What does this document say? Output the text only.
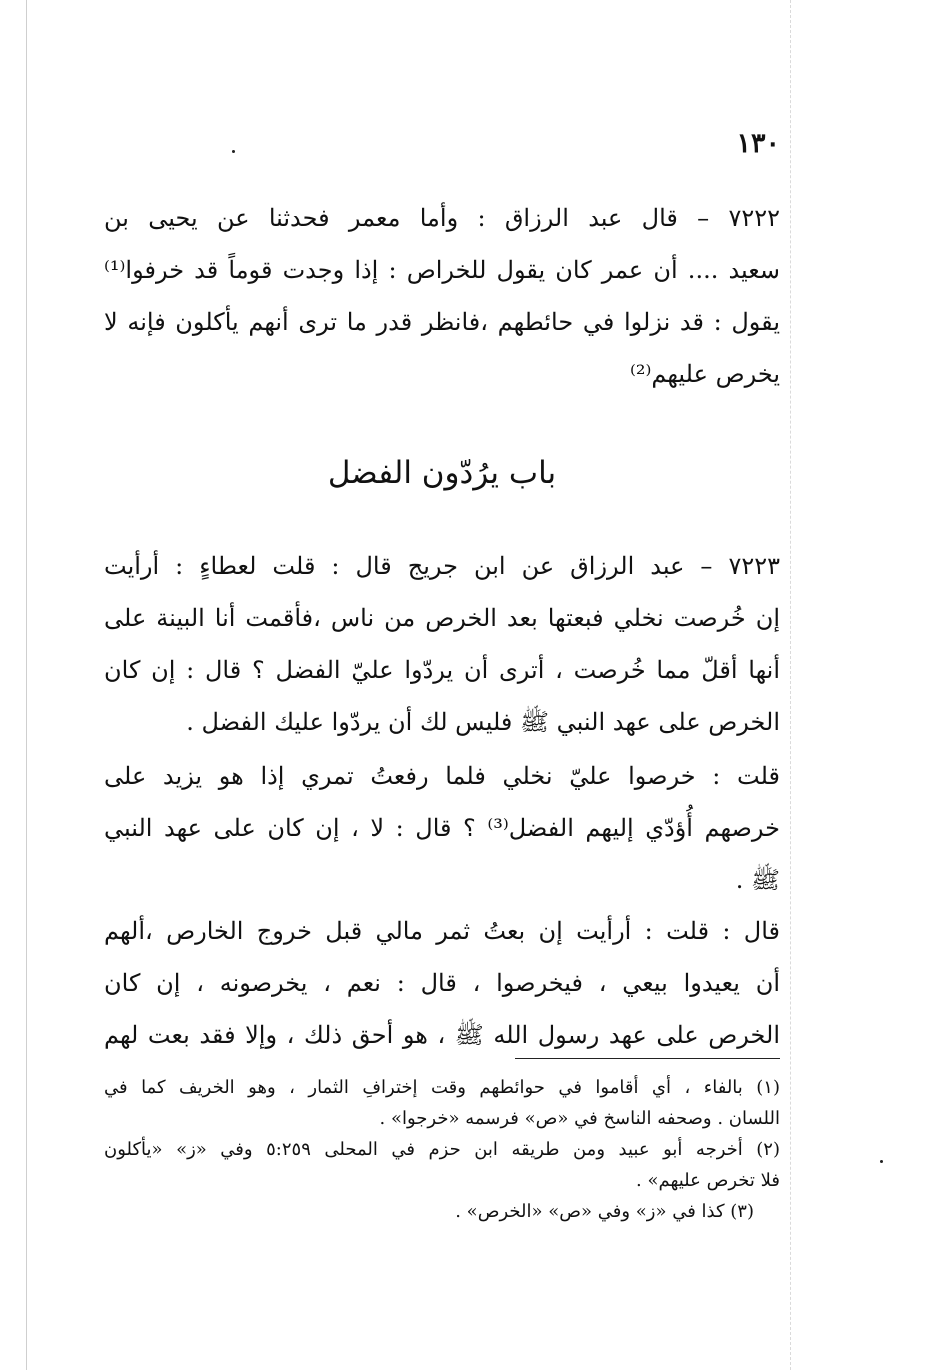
١٣٠
٧٢٢٢ – قال عبد الرزاق : وأما معمر فحدثنا عن يحيى بن
سعيد .... أن عمر كان يقول للخراص : إذا وجدت قوماً قد خرفوا⁽¹⁾
يقول : قد نزلوا في حائطهم ،فانظر قدر ما ترى أنهم يأكلون فإنه لا
يخرص عليهم⁽²⁾
باب يرُدّون الفضل
٧٢٢٣ – عبد الرزاق عن ابن جريج قال : قلت لعطاءٍ : أرأيت
إن خُرصت نخلي فبعتها بعد الخرص من ناس ،فأقمت أنا البينة على
أنها أقلّ مما خُرصت ، أترى أن يردّوا عليّ الفضل ؟ قال : إن كان
الخرص على عهد النبي ﷺ فليس لك أن يردّوا عليك الفضل .
قلت : خرصوا عليّ نخلي فلما رفعتُ تمري إذا هو يزيد على
خرصهم أُؤدّي إليهم الفضل⁽³⁾ ؟ قال : لا ، إن كان على عهد النبي
ﷺ .
قال : قلت : أرأيت إن بعتُ ثمر مالي قبل خروج الخارص ،ألهم
أن يعيدوا بيعي ، فيخرصوا ، قال : نعم ، يخرصونه ، إن كان
الخرص على عهد رسول الله ﷺ ، هو أحق ذلك ، وإلا فقد بعت لهم
(١) بالفاء ، أي أقاموا في حوائطهم وقت إخترافِ الثمار ، وهو الخريف كما في
اللسان . وصحفه الناسخ في «ص» فرسمه «خرجوا» .
(٢) أخرجه أبو عبيد ومن طريقه ابن حزم في المحلى ٥:٢٥٩ وفي «ز» «يأكلون
فلا تخرص عليهم» .
(٣) كذا في «ز» وفي «ص» «الخرص» .
